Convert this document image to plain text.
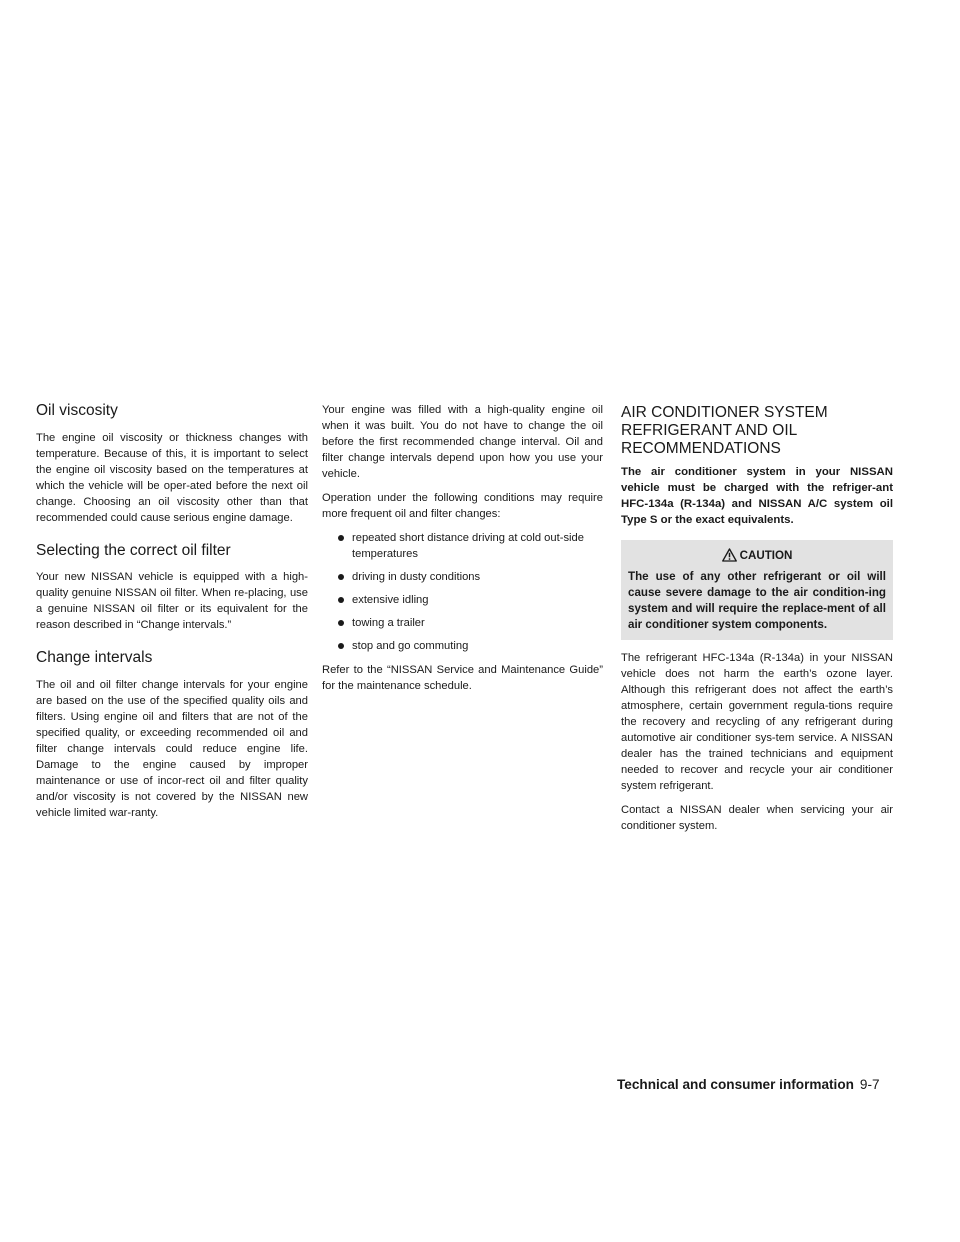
Oil viscosity

The engine oil viscosity or thickness changes with temperature. Because of this, it is important to select the engine oil viscosity based on the temperatures at which the vehicle will be oper-ated before the next oil change. Choosing an oil viscosity other than that recommended could cause serious engine damage.

Selecting the correct oil filter

Your new NISSAN vehicle is equipped with a high-quality genuine NISSAN oil filter. When re-placing, use a genuine NISSAN oil filter or its equivalent for the reason described in “Change intervals.”

Change intervals

The oil and oil filter change intervals for your engine are based on the use of the specified quality oils and filters. Using engine oil and filters that are not of the specified quality, or exceeding recommended oil and filter change intervals could reduce engine life. Damage to the engine caused by improper maintenance or use of incor-rect oil and filter quality and/or viscosity is not covered by the NISSAN new vehicle limited war-ranty.

Your engine was filled with a high-quality engine oil when it was built. You do not have to change the oil before the first recommended change interval. Oil and filter change intervals depend upon how you use your vehicle.

Operation under the following conditions may require more frequent oil and filter changes:

repeated short distance driving at cold out-side temperatures
driving in dusty conditions
extensive idling
towing a trailer
stop and go commuting

Refer to the “NISSAN Service and Maintenance Guide” for the maintenance schedule.

AIR CONDITIONER SYSTEM REFRIGERANT AND OIL RECOMMENDATIONS

The air conditioner system in your NISSAN vehicle must be charged with the refriger-ant HFC-134a (R-134a) and NISSAN A/C system oil Type S or the exact equivalents.

CAUTION

The use of any other refrigerant or oil will cause severe damage to the air condition-ing system and will require the replace-ment of all air conditioner system components.

The refrigerant HFC-134a (R-134a) in your NISSAN vehicle does not harm the earth’s ozone layer. Although this refrigerant does not affect the earth’s atmosphere, certain government regula-tions require the recovery and recycling of any refrigerant during automotive air conditioner sys-tem service. A NISSAN dealer has the trained technicians and equipment needed to recover and recycle your air conditioner system refrigerant.

Contact a NISSAN dealer when servicing your air conditioner system.

Technical and consumer information 9-7
